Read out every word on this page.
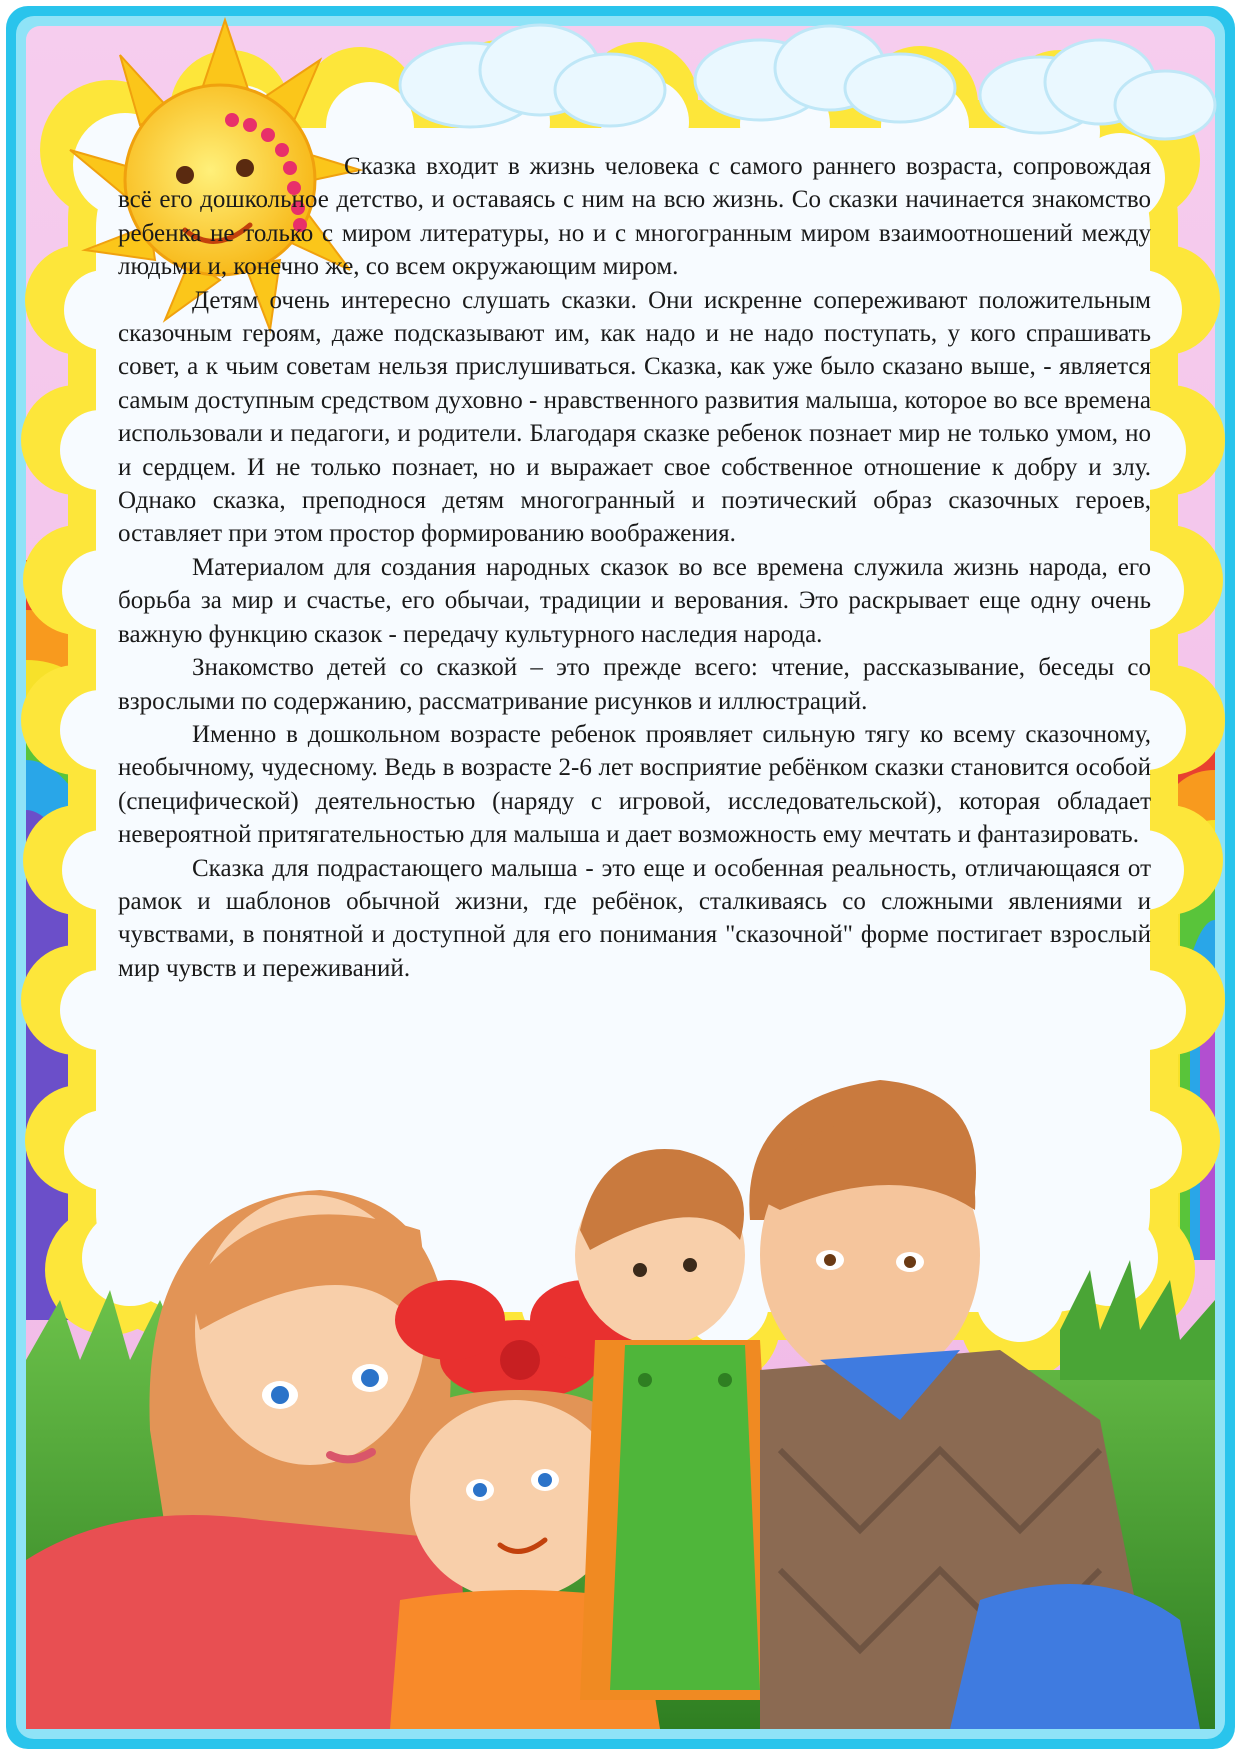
Сказка входит в жизнь человека с самого раннего возраста, сопровождая всё его дошкольное детство, и оставаясь с ним на всю жизнь. Со сказки начинается знакомство ребенка не только с миром литературы, но и с многогранным миром взаимоотношений между людьми и, конечно же, со всем окружающим миром.

Детям очень интересно слушать сказки. Они искренне сопереживают положительным сказочным героям, даже подсказывают им, как надо и не надо поступать, у кого спрашивать совет, а к чьим советам нельзя прислушиваться. Сказка, как уже было сказано выше, - является самым доступным средством духовно - нравственного развития малыша, которое во все времена использовали и педагоги, и родители. Благодаря сказке ребенок познает мир не только умом, но и сердцем. И не только познает, но и выражает свое собственное отношение к добру и злу. Однако сказка, преподнося детям многогранный и поэтический образ сказочных героев, оставляет при этом простор формированию воображения.

Материалом для создания народных сказок во все времена служила жизнь народа, его борьба за мир и счастье, его обычаи, традиции и верования. Это раскрывает еще одну очень важную функцию сказок - передачу культурного наследия народа.

Знакомство детей со сказкой – это прежде всего: чтение, рассказывание, беседы со взрослыми по содержанию, рассматривание рисунков и иллюстраций.

Именно в дошкольном возрасте ребенок проявляет сильную тягу ко всему сказочному, необычному, чудесному. Ведь в возрасте 2-6 лет восприятие ребёнком сказки становится особой (специфической) деятельностью (наряду с игровой, исследовательской), которая обладает невероятной притягательностью для малыша и дает возможность ему мечтать и фантазировать.

Сказка для подрастающего малыша - это еще и особенная реальность, отличающаяся от рамок и шаблонов обычной жизни, где ребёнок, сталкиваясь со сложными явлениями и чувствами, в понятной и доступной для его понимания "сказочной" форме постигает взрослый мир чувств и переживаний.
